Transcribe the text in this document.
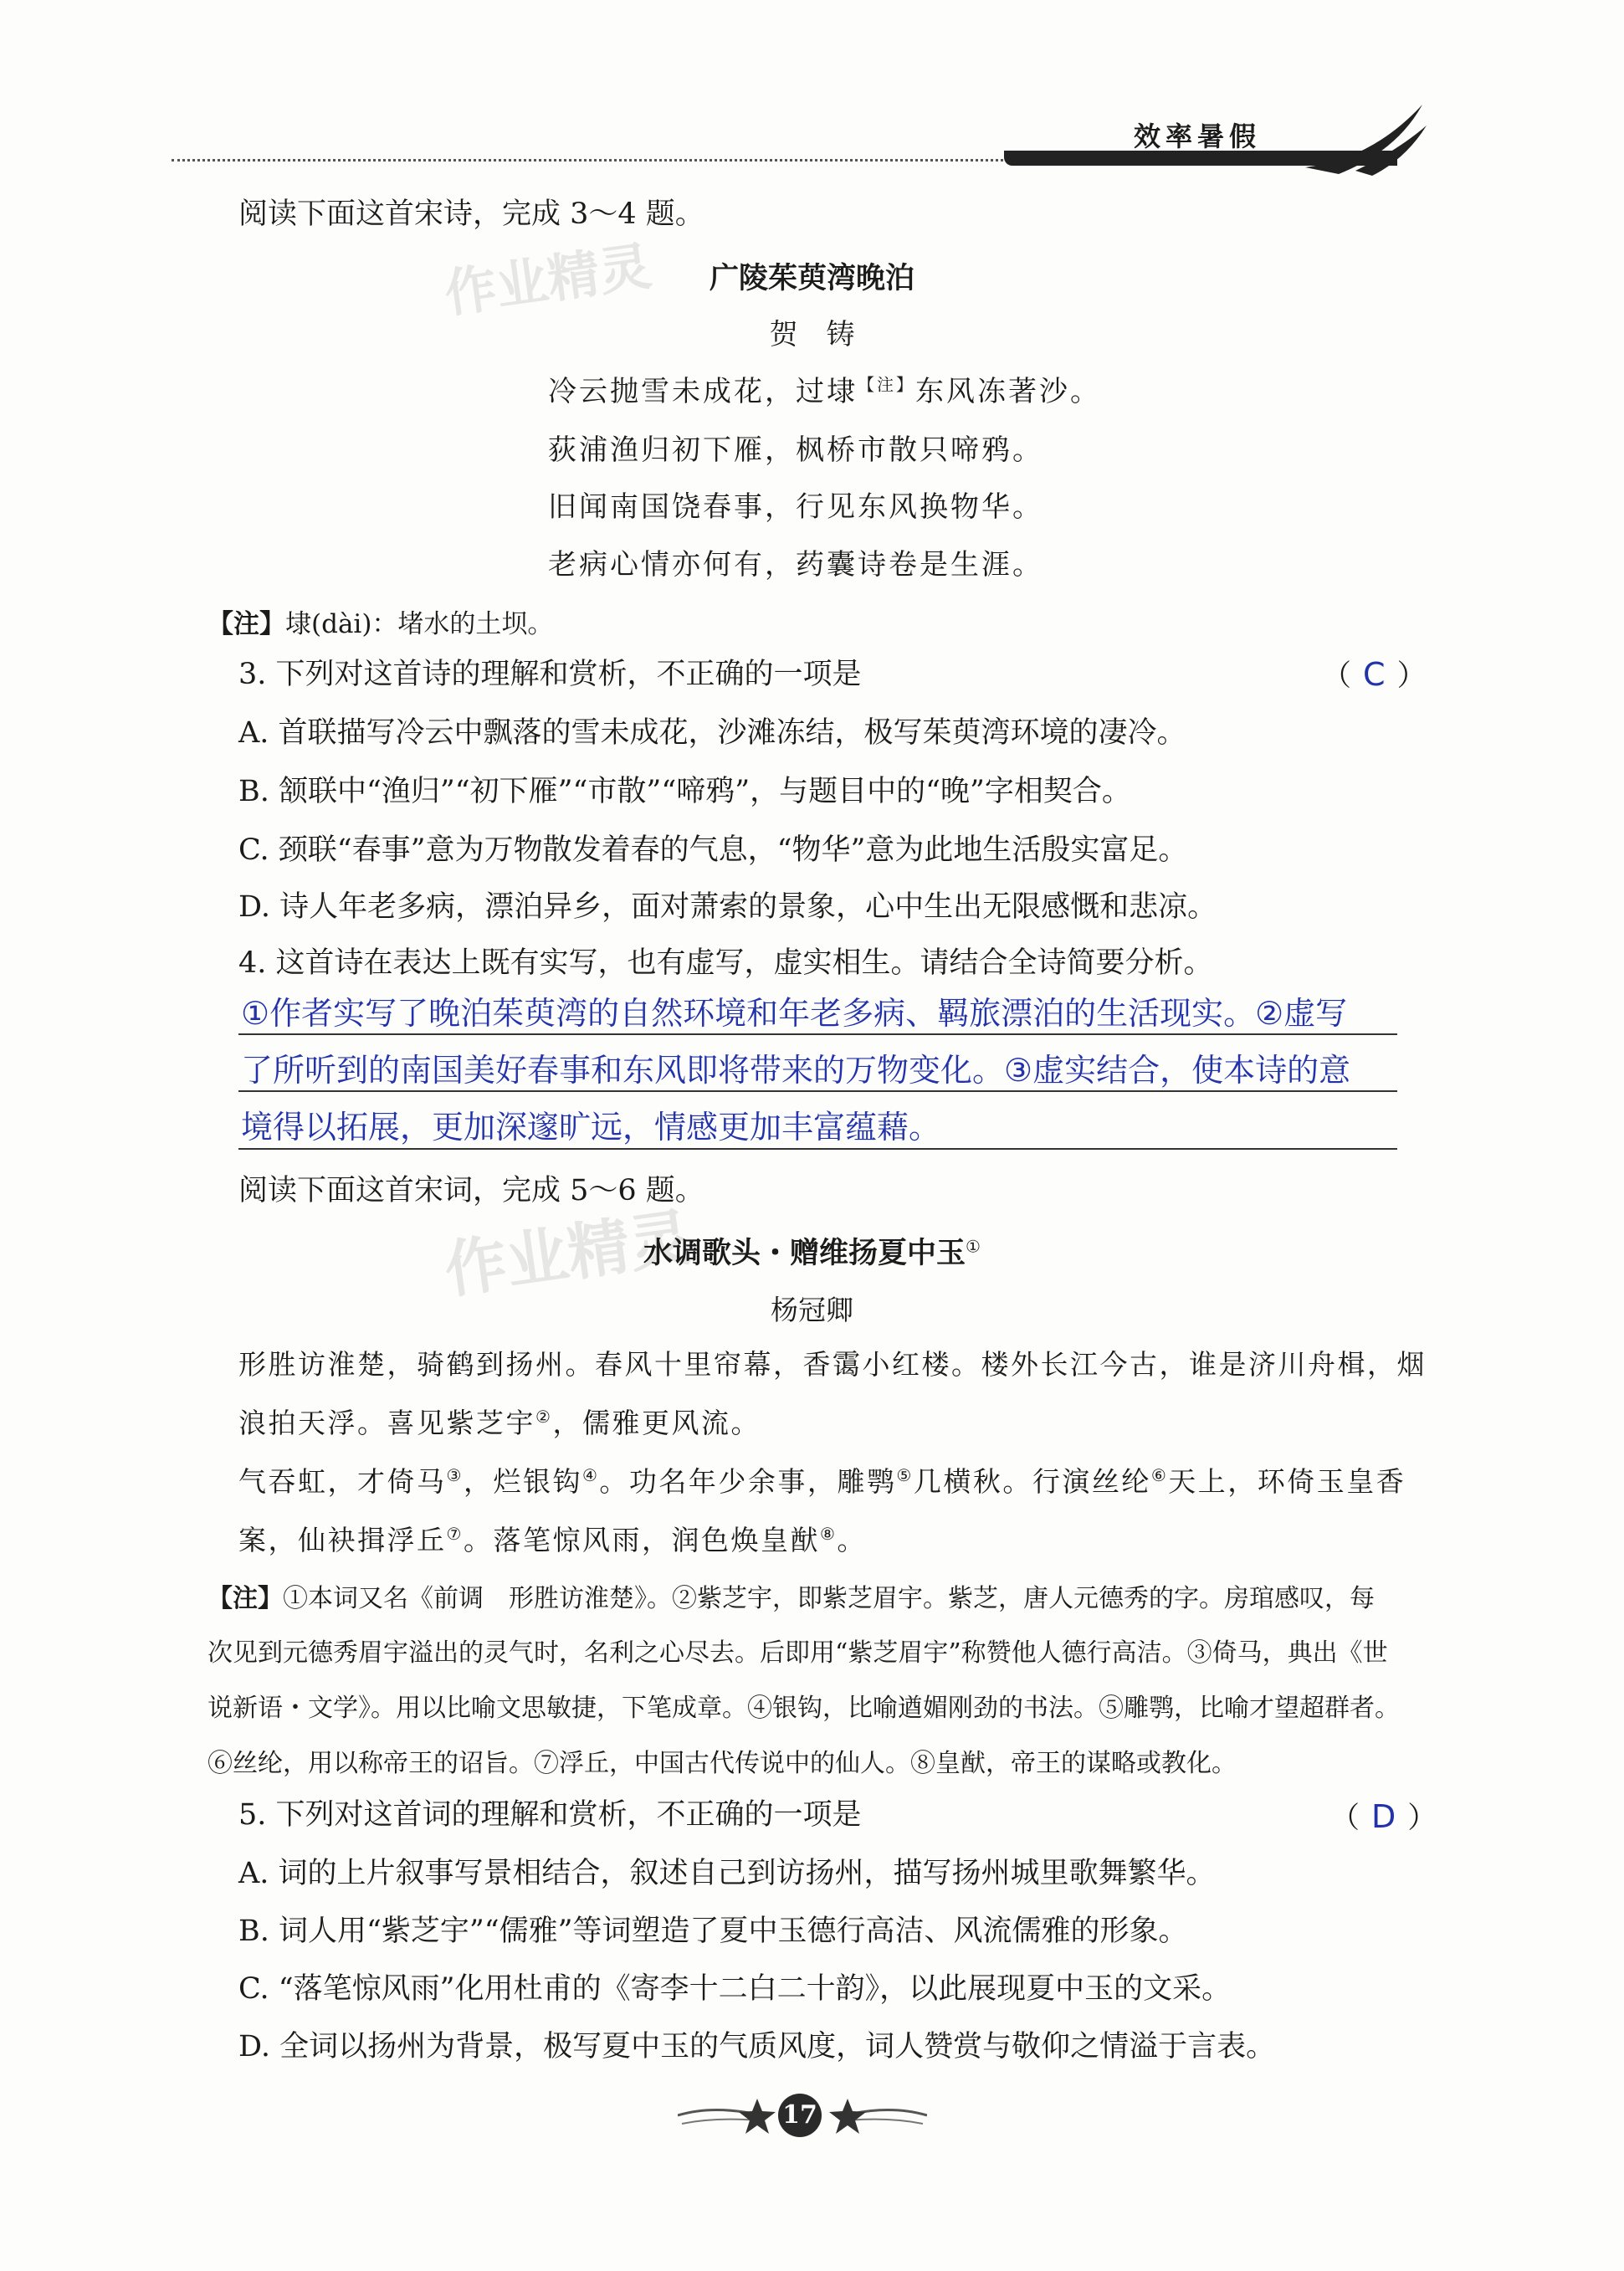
效率暑假
作业精灵
作业精灵
阅读下面这首宋诗，完成 3～4 题。
广陵茱萸湾晚泊
贺　铸
冷云抛雪未成花，过埭$^{【注】}$东风冻著沙。
荻浦渔归初下雁，枫桥市散只啼鸦。
旧闻南国饶春事，行见东风换物华。
老病心情亦何有，药囊诗卷是生涯。
【注】埭(dài)：堵水的土坝。
3. 下列对这首诗的理解和赏析，不正确的一项是	（ C ）
A. 首联描写冷云中飘落的雪未成花，沙滩冻结，极写茱萸湾环境的凄冷。
B. 颔联中“渔归”“初下雁”“市散”“啼鸦”，与题目中的“晚”字相契合。
C. 颈联“春事”意为万物散发着春的气息，“物华”意为此地生活殷实富足。
D. 诗人年老多病，漂泊异乡，面对萧索的景象，心中生出无限感慨和悲凉。
4. 这首诗在表达上既有实写，也有虚写，虚实相生。请结合全诗简要分析。
①作者实写了晚泊茱萸湾的自然环境和年老多病、羁旅漂泊的生活现实。②虚写
了所听到的南国美好春事和东风即将带来的万物变化。③虚实结合，使本诗的意
境得以拓展，更加深邃旷远，情感更加丰富蕴藉。
阅读下面这首宋词，完成 5～6 题。
水调歌头・赠维扬夏中玉①
杨冠卿
形胜访淮楚，骑鹤到扬州。春风十里帘幕，香霭小红楼。楼外长江今古，谁是济川舟楫，烟
浪拍天浮。喜见紫芝宇②，儒雅更风流。
气吞虹，才倚马③，烂银钩④。功名年少余事，雕鹗⑤几横秋。行演丝纶⑥天上，环倚玉皇香
案，仙袂揖浮丘⑦。落笔惊风雨，润色焕皇猷⑧。
【注】①本词又名《前调　形胜访淮楚》。②紫芝宇，即紫芝眉宇。紫芝，唐人元德秀的字。房琯感叹，每
次见到元德秀眉宇溢出的灵气时，名利之心尽去。后即用“紫芝眉宇”称赞他人德行高洁。③倚马，典出《世
说新语・文学》。用以比喻文思敏捷，下笔成章。④银钩，比喻遒媚刚劲的书法。⑤雕鹗，比喻才望超群者。
⑥丝纶，用以称帝王的诏旨。⑦浮丘，中国古代传说中的仙人。⑧皇猷，帝王的谋略或教化。
5. 下列对这首词的理解和赏析，不正确的一项是	（ D ）
A. 词的上片叙事写景相结合，叙述自己到访扬州，描写扬州城里歌舞繁华。
B. 词人用“紫芝宇”“儒雅”等词塑造了夏中玉德行高洁、风流儒雅的形象。
C. “落笔惊风雨”化用杜甫的《寄李十二白二十韵》，以此展现夏中玉的文采。
D. 全词以扬州为背景，极写夏中玉的气质风度，词人赞赏与敬仰之情溢于言表。
17
